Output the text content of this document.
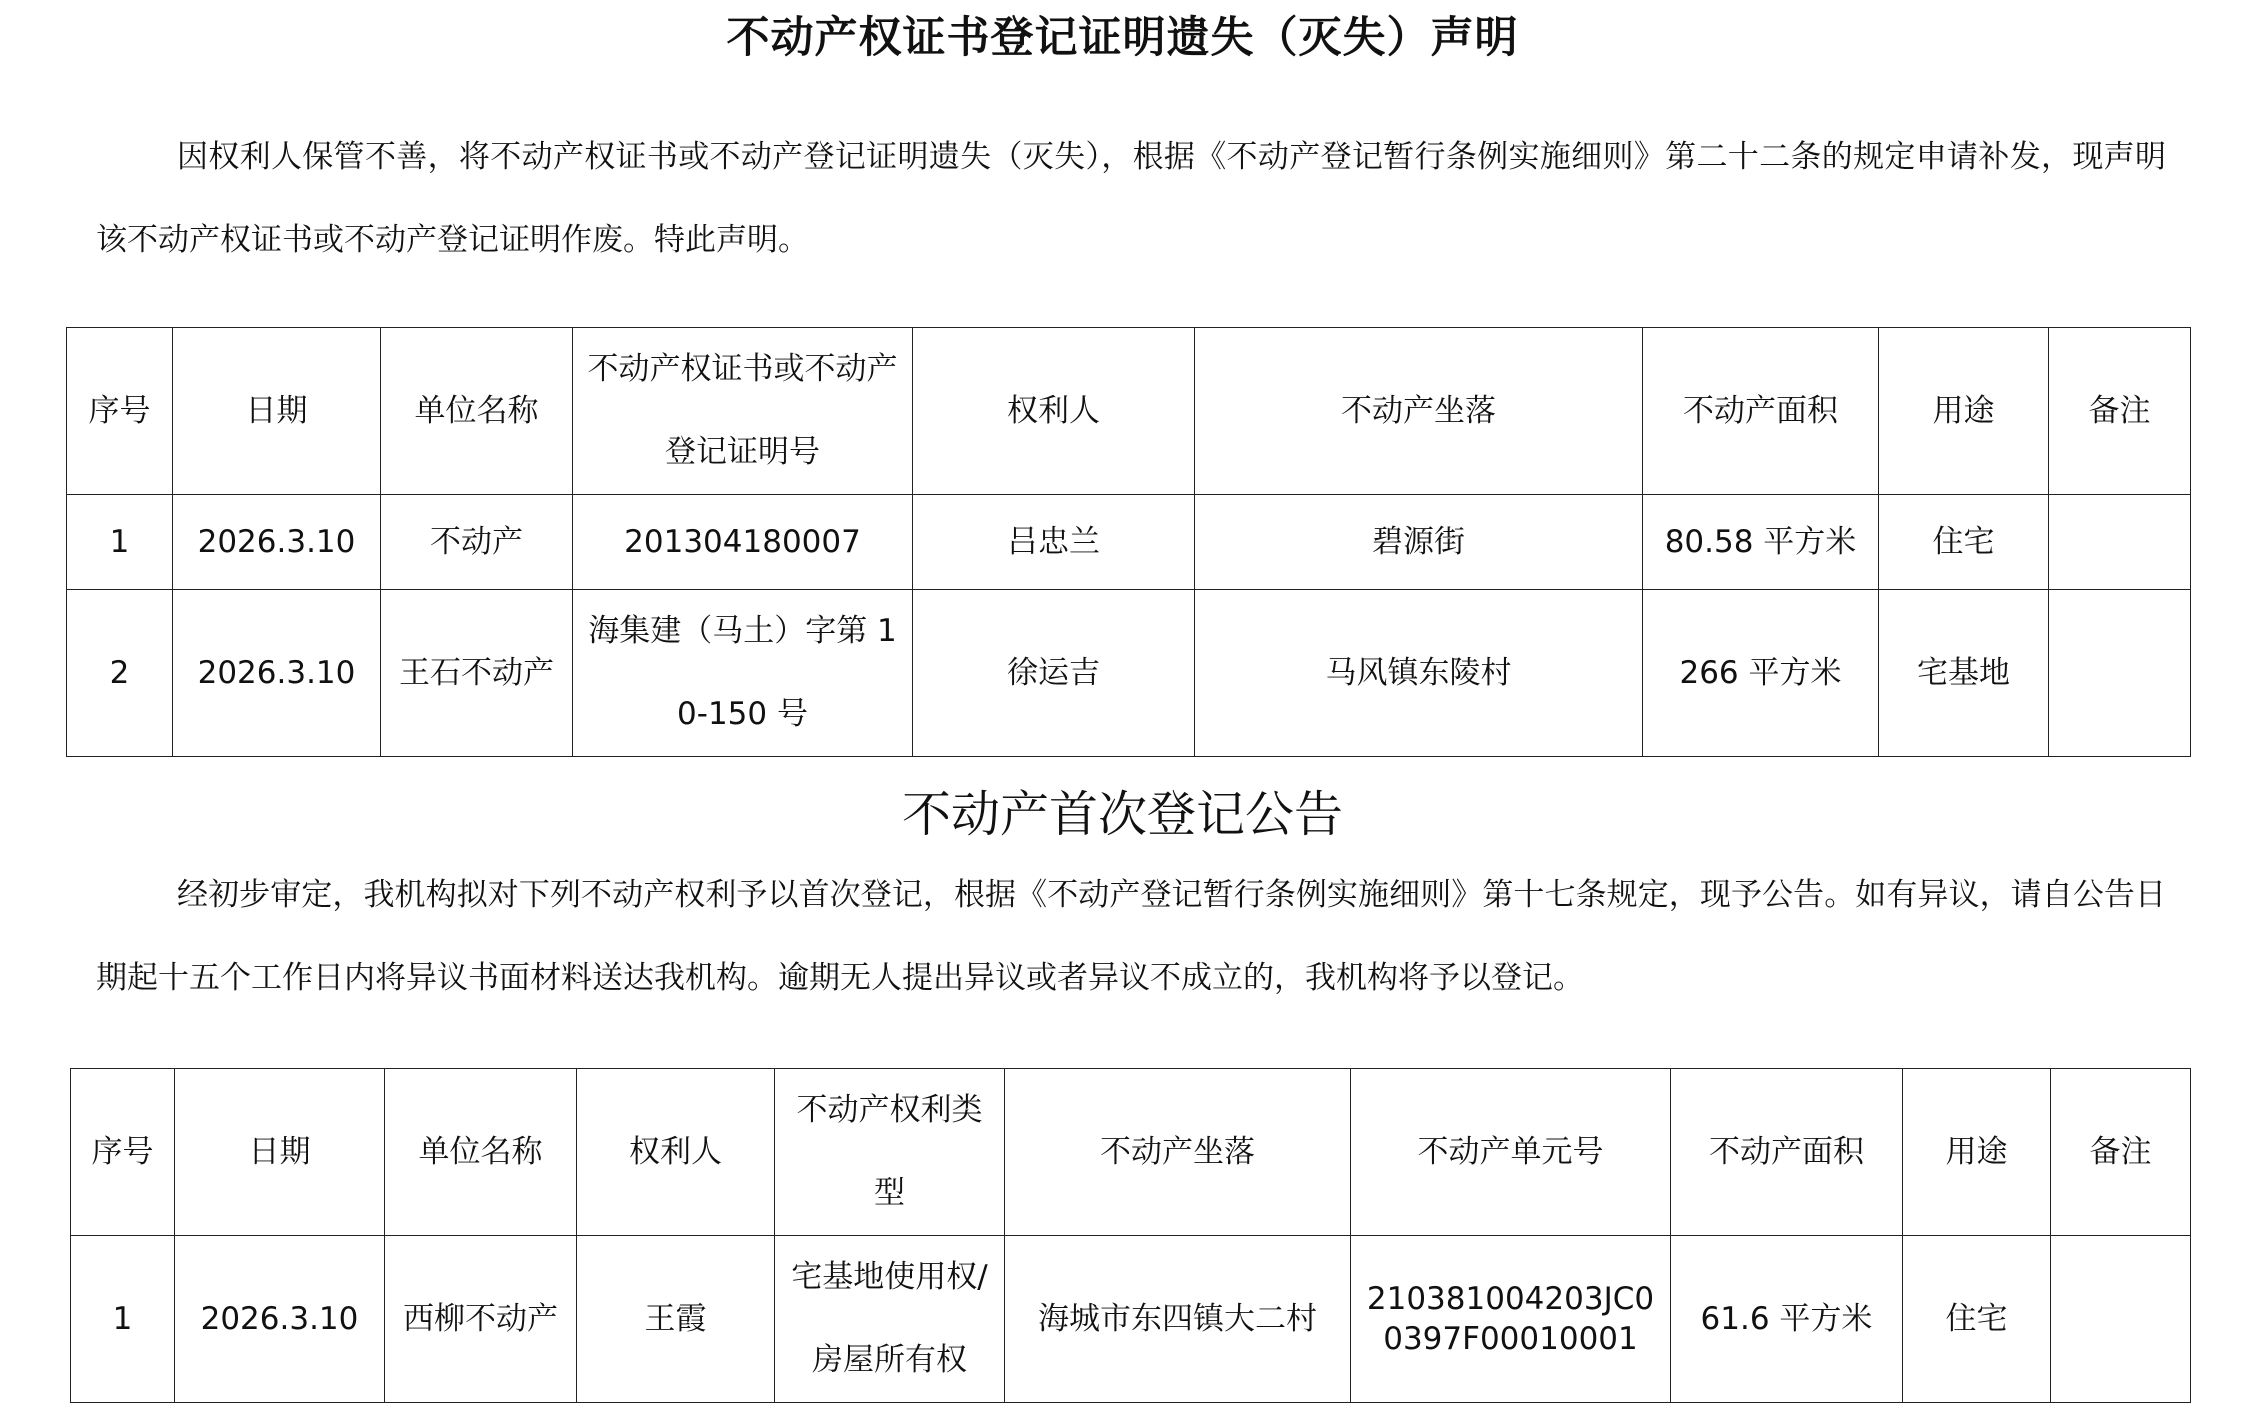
不动产权证书登记证明遗失（灭失）声明
因权利人保管不善，将不动产权证书或不动产登记证明遗失（灭失），根据《不动产登记暂行条例实施细则》第二十二条的规定申请补发，现声明该不动产权证书或不动产登记证明作废。特此声明。
序号	日期	单位名称	不动产权证书或不动产登记证明号	权利人	不动产坐落	不动产面积	用途	备注
1	2026.3.10	不动产	201304180007	吕忠兰	碧源街	80.58 平方米	住宅	
2	2026.3.10	王石不动产	海集建（马土）字第 10-150 号	徐运吉	马风镇东陵村	266 平方米	宅基地	
不动产首次登记公告
经初步审定，我机构拟对下列不动产权利予以首次登记，根据《不动产登记暂行条例实施细则》第十七条规定，现予公告。如有异议，请自公告日期起十五个工作日内将异议书面材料送达我机构。逾期无人提出异议或者异议不成立的，我机构将予以登记。
序号	日期	单位名称	权利人	不动产权利类型	不动产坐落	不动产单元号	不动产面积	用途	备注
1	2026.3.10	西柳不动产	王霞	宅基地使用权/房屋所有权	海城市东四镇大二村	210381004203JC00397F00010001	61.6 平方米	住宅	
